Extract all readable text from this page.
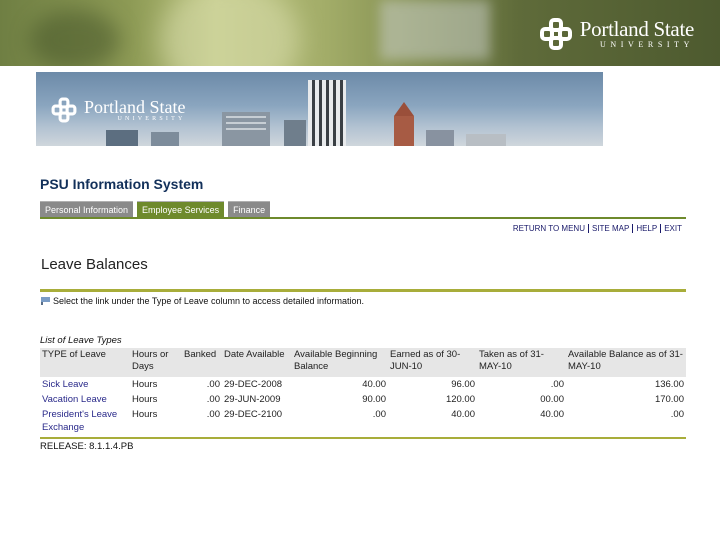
Portland State
UNIVERSITY
Portland State
UNIVERSITY
PSU Information System
Personal Information	Employee Services	Finance
RETURN TO MENU SITE MAP HELP EXIT
Leave Balances
Select the link under the Type of Leave column to access detailed information.
List of Leave Types
TYPE of Leave	Hours or Days	Banked	Date Available	Available Beginning Balance	Earned as of 30-JUN-10	Taken as of 31-MAY-10	Available Balance as of 31-MAY-10
Sick Leave	Hours	.00	29-DEC-2008	40.00	96.00	.00	136.00
Vacation Leave	Hours	.00	29-JUN-2009	90.00	120.00	00.00	170.00
President's Leave Exchange	Hours	.00	29-DEC-2100	.00	40.00	40.00	.00
RELEASE: 8.1.1.4.PB
